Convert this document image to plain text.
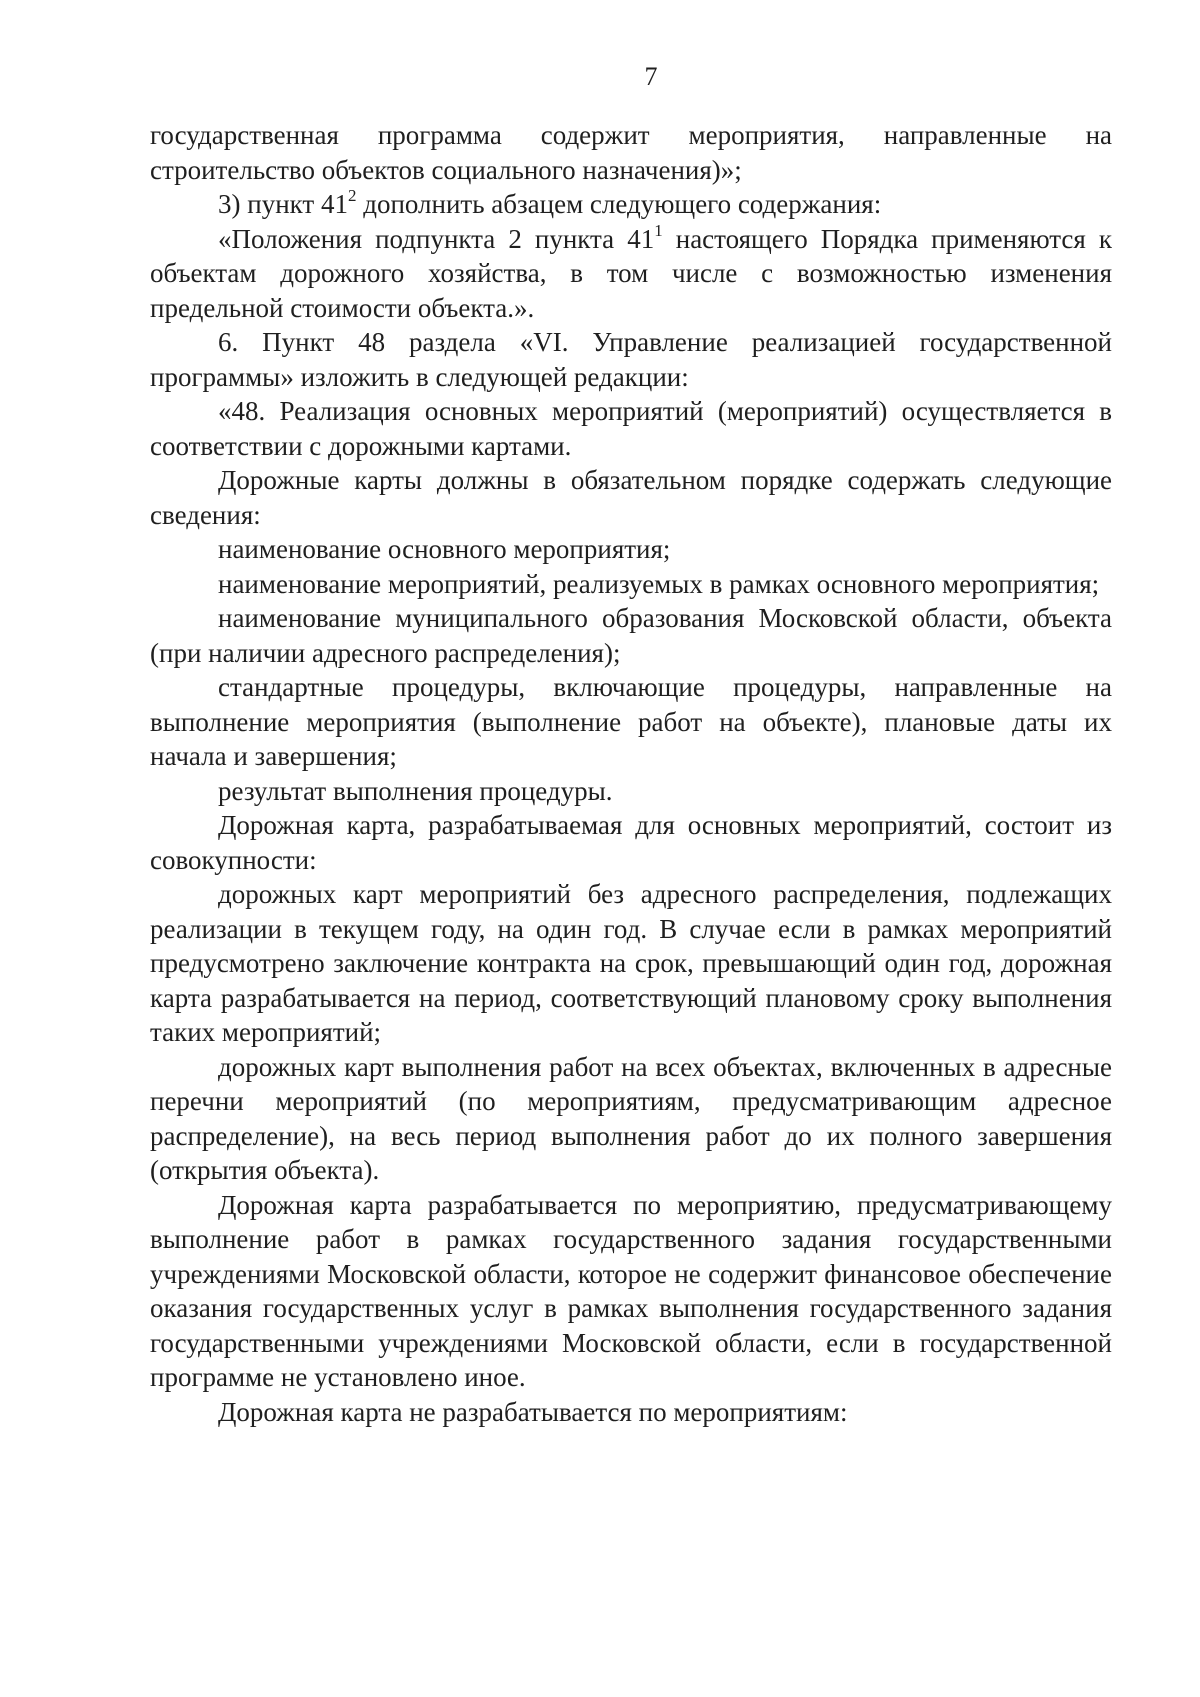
7

государственная программа содержит мероприятия, направленные на строительство объектов социального назначения)»;

3) пункт $41^2$ дополнить абзацем следующего содержания:

«Положения подпункта 2 пункта $41^1$ настоящего Порядка применяются к объектам дорожного хозяйства, в том числе с возможностью изменения предельной стоимости объекта.».

6. Пункт 48 раздела «VI. Управление реализацией государственной программы» изложить в следующей редакции:

«48. Реализация основных мероприятий (мероприятий) осуществляется в соответствии с дорожными картами.

Дорожные карты должны в обязательном порядке содержать следующие сведения:

наименование основного мероприятия;

наименование мероприятий, реализуемых в рамках основного мероприятия;

наименование муниципального образования Московской области, объекта (при наличии адресного распределения);

стандартные процедуры, включающие процедуры, направленные на выполнение мероприятия (выполнение работ на объекте), плановые даты их начала и завершения;

результат выполнения процедуры.

Дорожная карта, разрабатываемая для основных мероприятий, состоит из совокупности:

дорожных карт мероприятий без адресного распределения, подлежащих реализации в текущем году, на один год. В случае если в рамках мероприятий предусмотрено заключение контракта на срок, превышающий один год, дорожная карта разрабатывается на период, соответствующий плановому сроку выполнения таких мероприятий;

дорожных карт выполнения работ на всех объектах, включенных в адресные перечни мероприятий (по мероприятиям, предусматривающим адресное распределение), на весь период выполнения работ до их полного завершения (открытия объекта).

Дорожная карта разрабатывается по мероприятию, предусматривающему выполнение работ в рамках государственного задания государственными учреждениями Московской области, которое не содержит финансовое обеспечение оказания государственных услуг в рамках выполнения государственного задания государственными учреждениями Московской области, если в государственной программе не установлено иное.

Дорожная карта не разрабатывается по мероприятиям:
